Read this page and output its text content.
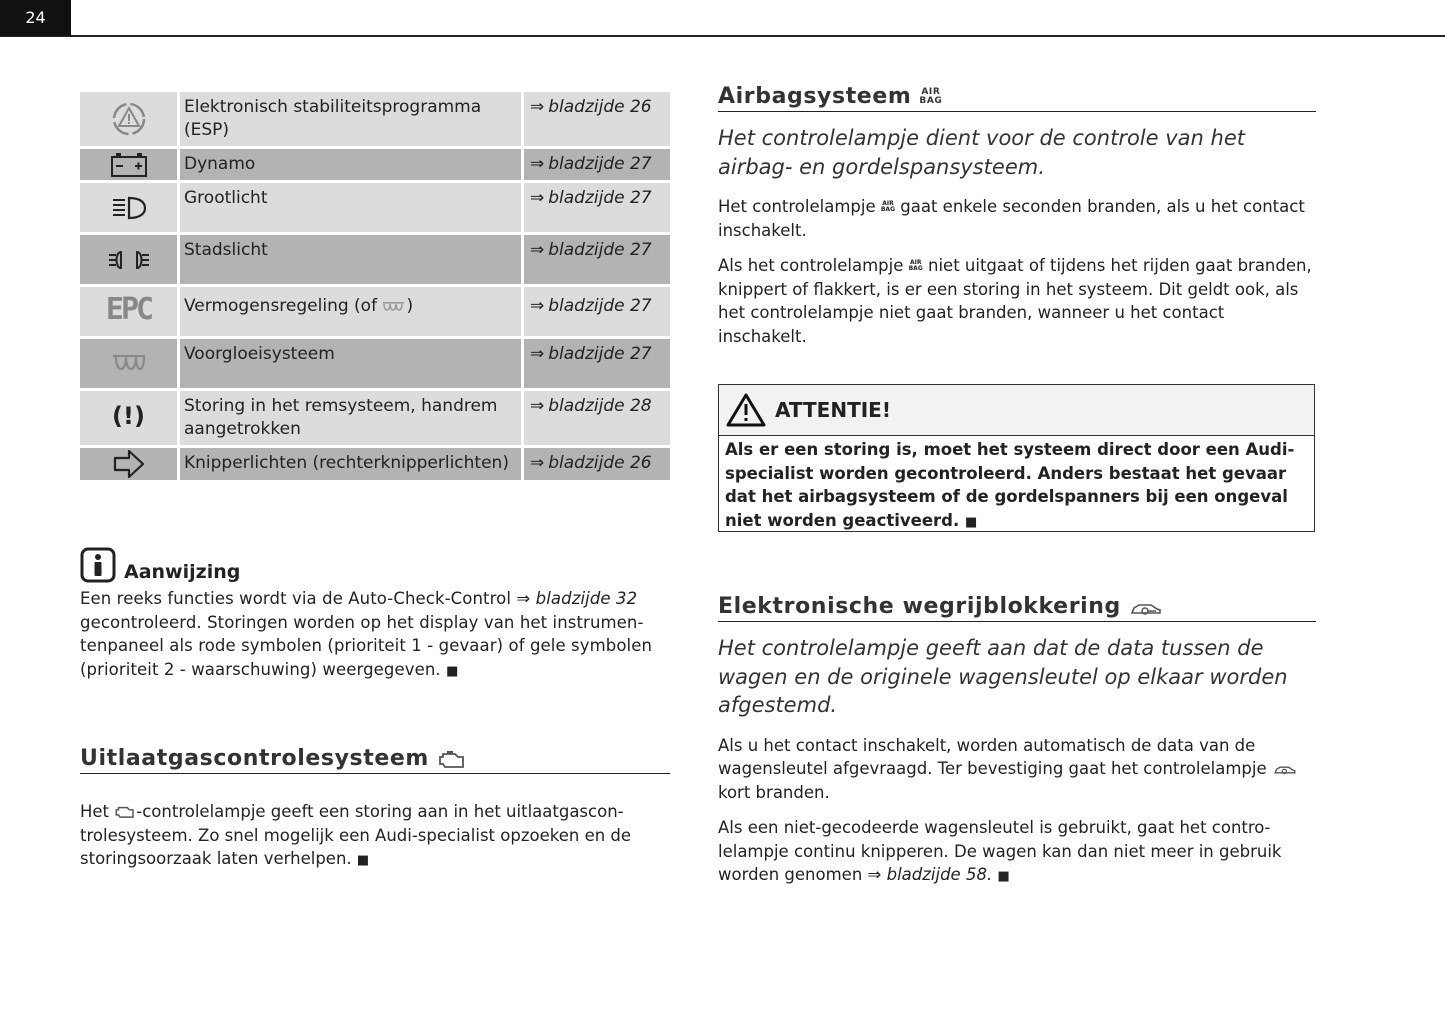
24
	Elektronisch stabiliteitsprogramma (ESP)	⇒ bladzijde 26

	Dynamo	⇒ bladzijde 27

	Grootlicht	⇒ bladzijde 27

	Stadslicht	⇒ bladzijde 27
EPC	Vermogensregeling (of )	⇒ bladzijde 27

	Voorgloeisysteem	⇒ bladzijde 27
(!)	Storing in het remsysteem, handrem aangetrokken	⇒ bladzijde 28

	Knipperlichten (rechterknipperlichten)	⇒ bladzijde 26
Aanwijzing
Een reeks functies wordt via de Auto-Check-Control ⇒ bladzijde 32 gecontroleerd. Storingen worden op het display van het instrumentenpaneel als rode symbolen (prioriteit 1 - gevaar) of gele symbolen (prioriteit 2 - waarschuwing) weergegeven. ■
Uitlaatgascontrolesysteem
Het -controlelampje geeft een storing aan in het uitlaatgascontrolesysteem. Zo snel mogelijk een Audi-specialist opzoeken en de storingsoorzaak laten verhelpen. ■
Airbagsysteem AIR
BAG
Het controlelampje dient voor de controle van het airbag- en gordelspansysteem.

Het controlelampje AIR
BAG gaat enkele seconden branden, als u het contact inschakelt.

Als het controlelampje AIR
BAG niet uitgaat of tijdens het rijden gaat branden, knippert of flakkert, is er een storing in het systeem. Dit geldt ook, als het controlelampje niet gaat branden, wanneer u het contact inschakelt.

ATTENTIE!
Als er een storing is, moet het systeem direct door een Audi-specialist worden gecontroleerd. Anders bestaat het gevaar dat het airbagsysteem of de gordelspanners bij een ongeval niet worden geactiveerd. ■
Elektronische wegrijblokkering
Het controlelampje geeft aan dat de data tussen de wagen en de originele wagensleutel op elkaar worden afgestemd.

Als u het contact inschakelt, worden automatisch de data van de wagensleutel afgevraagd. Ter bevestiging gaat het controlelampje  kort branden.

Als een niet-gecodeerde wagensleutel is gebruikt, gaat het controlelampje continu knipperen. De wagen kan dan niet meer in gebruik worden genomen ⇒ bladzijde 58. ■
